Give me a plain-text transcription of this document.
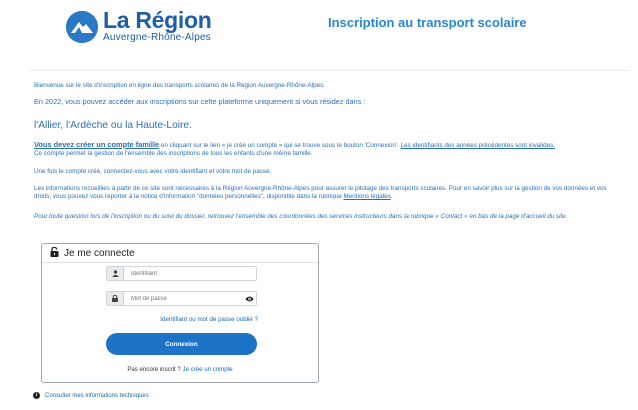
La Région
Auvergne-Rhône-Alpes
Inscription au transport scolaire
Bienvenue sur le site d'inscription en ligne des transports scolaires de la Région Auvergne-Rhône-Alpes.
En 2022, vous pouvez accéder aux inscriptions sur cette plateforme uniquement si vous résidez dans :
l'Allier, l'Ardèche ou la Haute-Loire.
Vous devez créer un compte famille en cliquant sur le lien « je crée un compte » qui se trouve sous le bouton 'Connexion'. Les identifiants des années précédentes sont invalides.
Ce compte permet la gestion de l'ensemble des inscriptions de tous les enfants d'une même famille.
Une fois le compte créé, connectez-vous avec votre identifiant et votre mot de passe.
Les informations recueillies à partir de ce site sont nécessaires à la Région Auvergne-Rhône-Alpes pour assurer le pilotage des transports scolaires. Pour en savoir plus sur la gestion de vos données et vos droits, vous pouvez vous reporter à la notice d'information "données personnelles", disponible dans la rubrique Mentions légales.
Pour toute question lors de l'inscription ou du suivi du dossier, retrouvez l'ensemble des coordonnées des services instructeurs dans la rubrique « Contact » en bas de la page d'accueil du site.
Je me connecte
Identifiant
Identifiant ou mot de passe oublié ?
Connexion
Pas encore inscrit ? Je crée un compte
i	Consulter mes informations techniques
